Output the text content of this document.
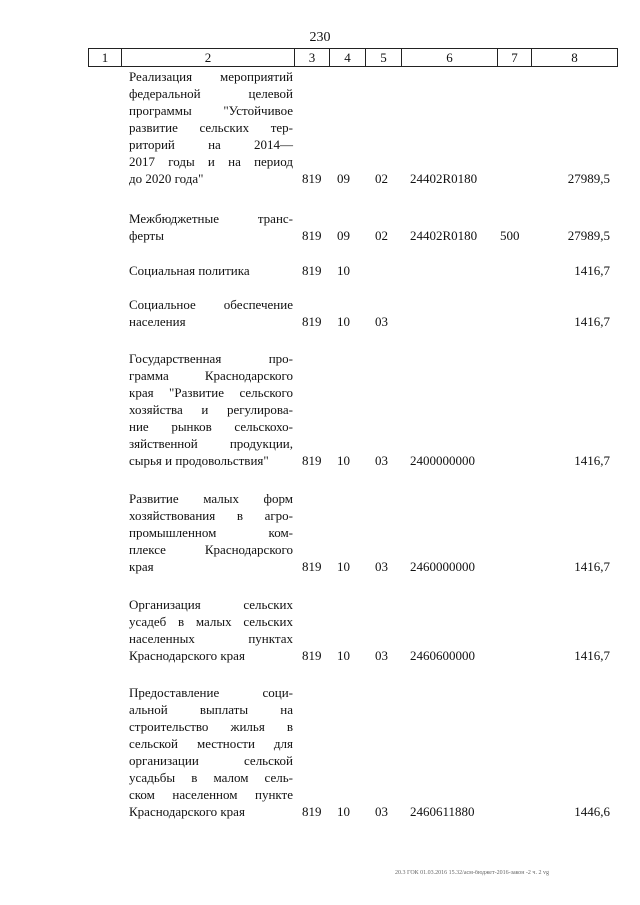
230
1	2	3	4	5	6	7	8
Реализация мероприятий
федеральной целевой
программы "Устойчивое
развитие сельских тер-
риторий на 2014—
2017 годы и на период
до 2020 года"	819 09 02 24402R0180	27989,5
Межбюджетные транс-
ферты	819 09 02 24402R0180 500	27989,5
Социальная политика	819 10	1416,7
Социальное обеспечение
населения	819 10 03	1416,7
Государственная про-
грамма Краснодарского
края "Развитие сельского
хозяйства и регулирова-
ние рынков сельскохо-
зяйственной продукции,
сырья и продовольствия"	819 10 03 2400000000	1416,7
Развитие малых форм
хозяйствования в агро-
промышленном ком-
плексе Краснодарского
края	819 10 03 2460000000	1416,7
Организация сельских
усадеб в малых сельских
населенных пунктах
Краснодарского края	819 10 03 2460600000	1416,7
Предоставление соци-
альной выплаты на
строительство жилья в
сельской местности для
организации сельской
усадьбы в малом сель-
ском населенном пункте
Краснодарского края	819 10 03 2460611880	1446,6
20.3 ГОК 01.03.2016 15.32/асм-бюджет-2016-закон -2 ч. 2 vg
